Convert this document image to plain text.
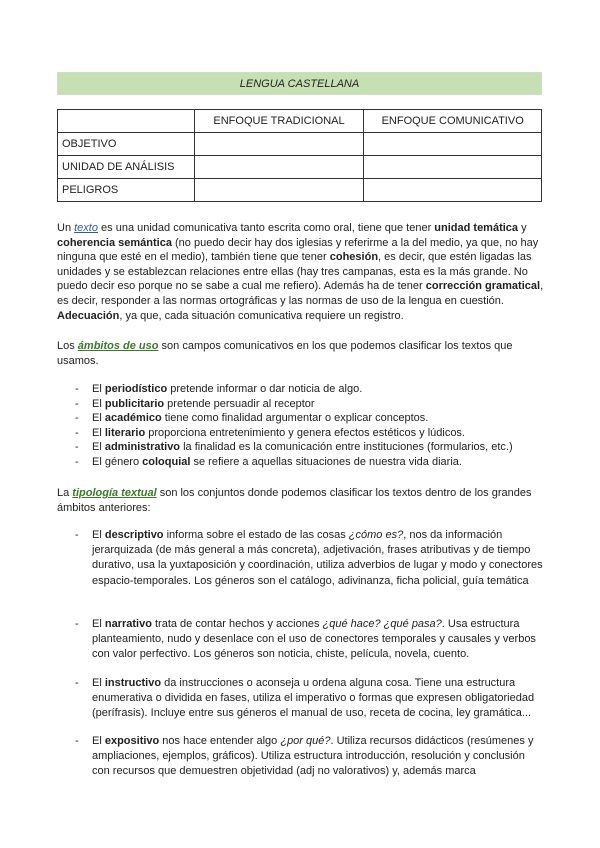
LENGUA CASTELLANA
	ENFOQUE TRADICIONAL	ENFOQUE COMUNICATIVO
OBJETIVO		
UNIDAD DE ANÁLISIS		
PELIGROS		

Un texto es una unidad comunicativa tanto escrita como oral, tiene que tener unidad temática y coherencia semántica (no puedo decir hay dos iglesias y referirme a la del medio, ya que, no hay ninguna que esté en el medio), también tiene que tener cohesión, es decir, que estén ligadas las unidades y se establezcan relaciones entre ellas (hay tres campanas, esta es la más grande. No puedo decir eso porque no se sabe a cual me refiero). Además ha de tener corrección gramatical, es decir, responder a las normas ortográficas y las normas de uso de la lengua en cuestión. Adecuación, ya que, cada situación comunicativa requiere un registro.

Los ámbitos de uso son campos comunicativos en los que podemos clasificar los textos que usamos.

- El periodístico pretende informar o dar noticia de algo.
- El publicitario pretende persuadir al receptor
- El académico tiene como finalidad argumentar o explicar conceptos.
- El literario proporciona entretenimiento y genera efectos estéticos y lúdicos.
- El administrativo la finalidad es la comunicación entre instituciones (formularios, etc.)
- El género coloquial se refiere a aquellas situaciones de nuestra vida diaria.

La tipología textual son los conjuntos donde podemos clasificar los textos dentro de los grandes ámbitos anteriores:

- El descriptivo informa sobre el estado de las cosas ¿cómo es?, nos da información jerarquizada (de más general a más concreta), adjetivación, frases atributivas y de tiempo durativo, usa la yuxtaposición y coordinación, utiliza adverbios de lugar y modo y conectores espacio-temporales. Los géneros son el catálogo, adivinanza, ficha policial, guía temática
- El narrativo trata de contar hechos y acciones ¿qué hace? ¿qué pasa?. Usa estructura planteamiento, nudo y desenlace con el uso de conectores temporales y causales y verbos con valor perfectivo. Los géneros son noticia, chiste, película, novela, cuento.
- El instructivo da instrucciones o aconseja u ordena alguna cosa. Tiene una estructura enumerativa o dividida en fases, utiliza el imperativo o formas que expresen obligatoriedad (perífrasis). Incluye entre sus géneros el manual de uso, receta de cocina, ley gramática...
- El expositivo nos hace entender algo ¿por qué?. Utiliza recursos didácticos (resúmenes y ampliaciones, ejemplos, gráficos). Utiliza estructura introducción, resolución y conclusión con recursos que demuestren objetividad (adj no valorativos) y, además marca
